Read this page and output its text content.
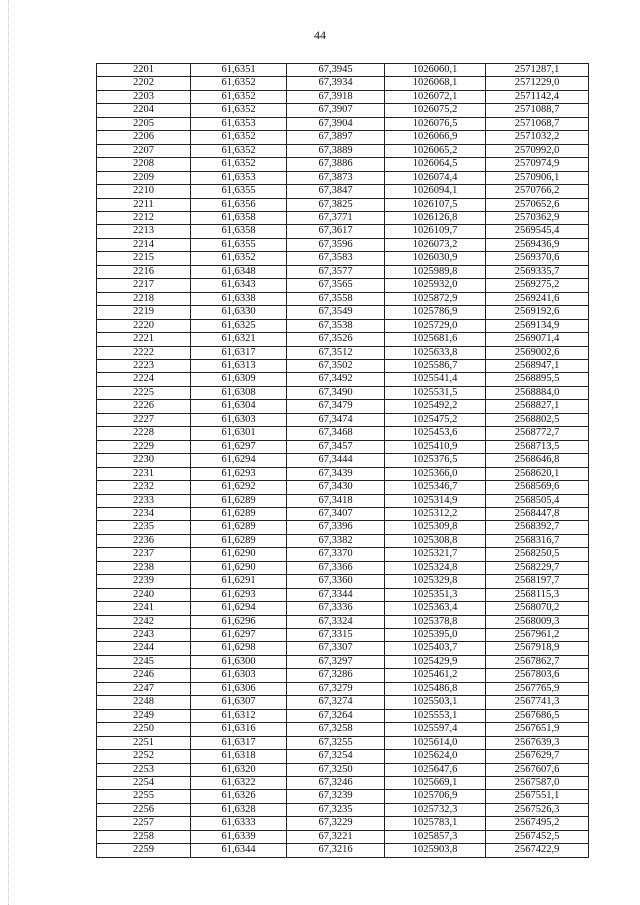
44
2201	61,6351	67,3945	1026060,1	2571287,1
2202	61,6352	67,3934	1026068,1	2571229,0
2203	61,6352	67,3918	1026072,1	2571142,4
2204	61,6352	67,3907	1026075,2	2571088,7
2205	61,6353	67,3904	1026076,5	2571068,7
2206	61,6352	67,3897	1026066,9	2571032,2
2207	61,6352	67,3889	1026065,2	2570992,0
2208	61,6352	67,3886	1026064,5	2570974,9
2209	61,6353	67,3873	1026074,4	2570906,1
2210	61,6355	67,3847	1026094,1	2570766,2
2211	61,6356	67,3825	1026107,5	2570652,6
2212	61,6358	67,3771	1026126,8	2570362,9
2213	61,6358	67,3617	1026109,7	2569545,4
2214	61,6355	67,3596	1026073,2	2569436,9
2215	61,6352	67,3583	1026030,9	2569370,6
2216	61,6348	67,3577	1025989,8	2569335,7
2217	61,6343	67,3565	1025932,0	2569275,2
2218	61,6338	67,3558	1025872,9	2569241,6
2219	61,6330	67,3549	1025786,9	2569192,6
2220	61,6325	67,3538	1025729,0	2569134,9
2221	61,6321	67,3526	1025681,6	2569071,4
2222	61,6317	67,3512	1025633,8	2569002,6
2223	61,6313	67,3502	1025586,7	2568947,1
2224	61,6309	67,3492	1025541,4	2568895,5
2225	61,6308	67,3490	1025531,5	2568884,0
2226	61,6304	67,3479	1025492,2	2568827,1
2227	61,6303	67,3474	1025475,2	2568802,5
2228	61,6301	67,3468	1025453,6	2568772,7
2229	61,6297	67,3457	1025410,9	2568713,5
2230	61,6294	67,3444	1025376,5	2568646,8
2231	61,6293	67,3439	1025366,0	2568620,1
2232	61,6292	67,3430	1025346,7	2568569,6
2233	61,6289	67,3418	1025314,9	2568505,4
2234	61,6289	67,3407	1025312,2	2568447,8
2235	61,6289	67,3396	1025309,8	2568392,7
2236	61,6289	67,3382	1025308,8	2568316,7
2237	61,6290	67,3370	1025321,7	2568250,5
2238	61,6290	67,3366	1025324,8	2568229,7
2239	61,6291	67,3360	1025329,8	2568197,7
2240	61,6293	67,3344	1025351,3	2568115,3
2241	61,6294	67,3336	1025363,4	2568070,2
2242	61,6296	67,3324	1025378,8	2568009,3
2243	61,6297	67,3315	1025395,0	2567961,2
2244	61,6298	67,3307	1025403,7	2567918,9
2245	61,6300	67,3297	1025429,9	2567862,7
2246	61,6303	67,3286	1025461,2	2567803,6
2247	61,6306	67,3279	1025486,8	2567765,9
2248	61,6307	67,3274	1025503,1	2567741,3
2249	61,6312	67,3264	1025553,1	2567686,5
2250	61,6316	67,3258	1025597,4	2567651,9
2251	61,6317	67,3255	1025614,0	2567639,3
2252	61,6318	67,3254	1025624,0	2567629,7
2253	61,6320	67,3250	1025647,6	2567607,6
2254	61,6322	67,3246	1025669,1	2567587,0
2255	61,6326	67,3239	1025706,9	2567551,1
2256	61,6328	67,3235	1025732,3	2567526,3
2257	61,6333	67,3229	1025783,1	2567495,2
2258	61,6339	67,3221	1025857,3	2567452,5
2259	61,6344	67,3216	1025903,8	2567422,9
